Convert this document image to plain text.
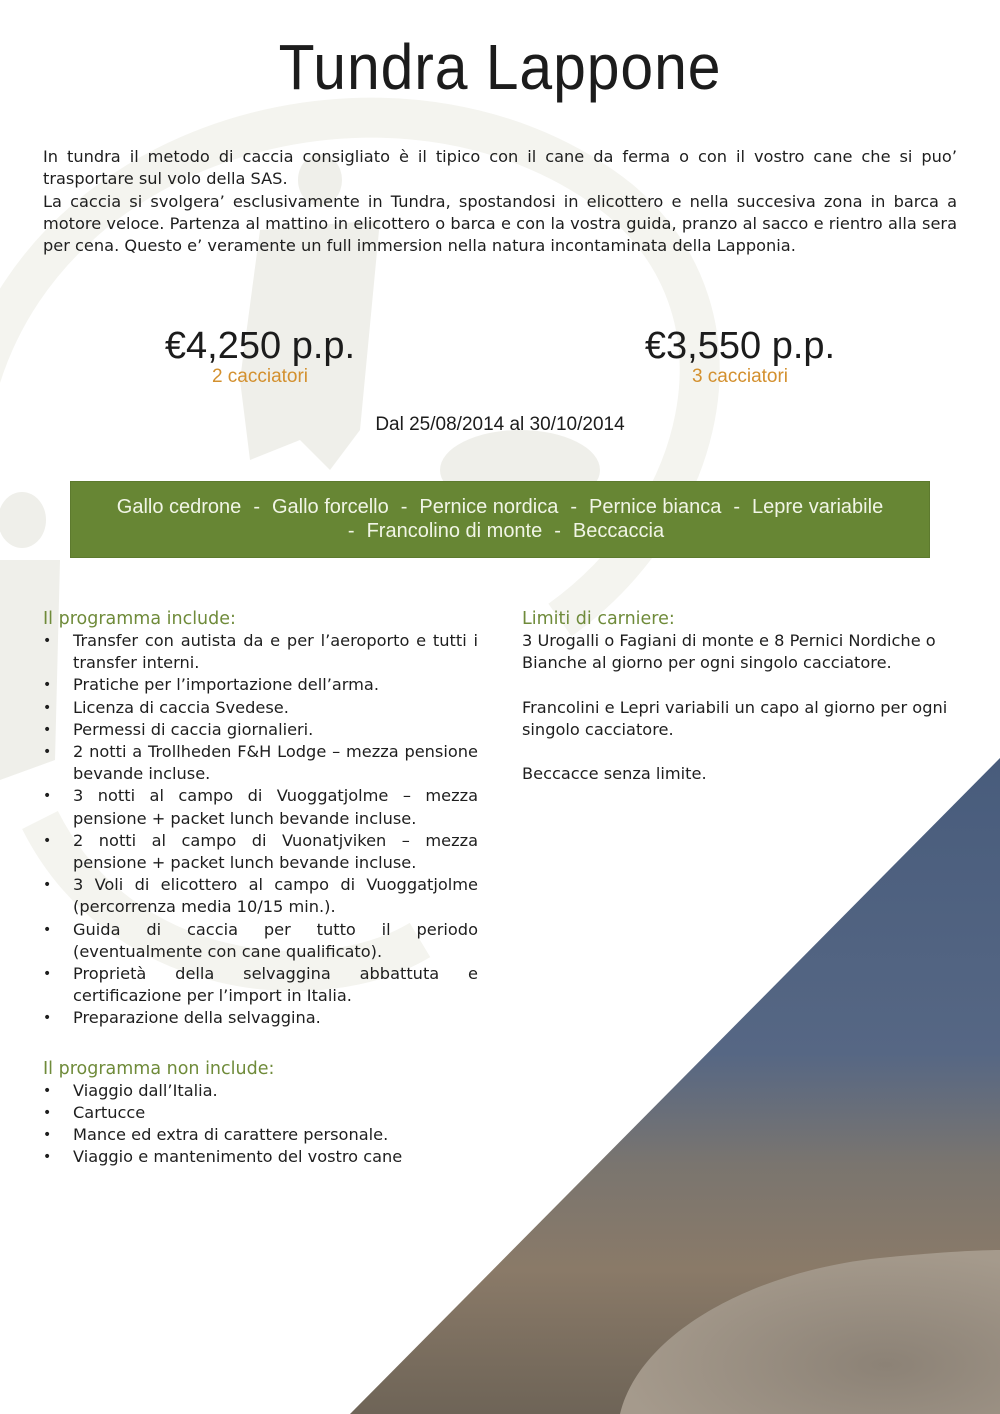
Tundra Lappone

In tundra il metodo di caccia consigliato è il tipico con il cane da ferma o con il vostro cane che si puo’ trasportare sul volo della SAS.

La caccia si svolgera’ esclusivamente in Tundra, spostandosi in elicottero e nella succesiva zona in barca a motore veloce. Partenza al mattino in elicottero o barca e con la vostra guida, pranzo al sacco e rientro alla sera per cena. Questo e’ veramente un full immersion nella natura incontaminata della Lapponia.

€4,250 p.p.
2 cacciatori
€3,550 p.p.
3 cacciatori
Dal 25/08/2014 al 30/10/2014
Gallo cedrone - Gallo forcello - Pernice nordica - Pernice bianca - Lepre variabile
- Francolino di monte - Beccaccia
Il programma include:
• Transfer con autista da e per l’aeroporto e tutti i transfer interni.
• Pratiche per l’importazione dell’arma.
• Licenza di caccia Svedese.
• Permessi di caccia giornalieri.
• 2 notti a Trollheden F&H Lodge – mezza pensione bevande incluse.
• 3 notti al campo di Vuoggatjolme – mezza pensione + packet lunch bevande incluse.
• 2 notti al campo di Vuonatjviken – mezza pensione + packet lunch bevande incluse.
• 3 Voli di elicottero al campo di Vuoggatjolme (percorrenza media 10/15 min.).
• Guida di caccia per tutto il periodo (eventualmente con cane qualificato).
• Proprietà della selvaggina abbattuta e certificazione per l’import in Italia.
• Preparazione della selvaggina.
Il programma non include:
• Viaggio dall’Italia.
• Cartucce
• Mance ed extra di carattere personale.
• Viaggio e mantenimento del vostro cane
Limiti di carniere:

3 Urogalli o Fagiani di monte e 8 Pernici Nordiche o Bianche al giorno per ogni singolo cacciatore.

Francolini e Lepri variabili un capo al giorno per ogni singolo cacciatore.

Beccacce senza limite.
